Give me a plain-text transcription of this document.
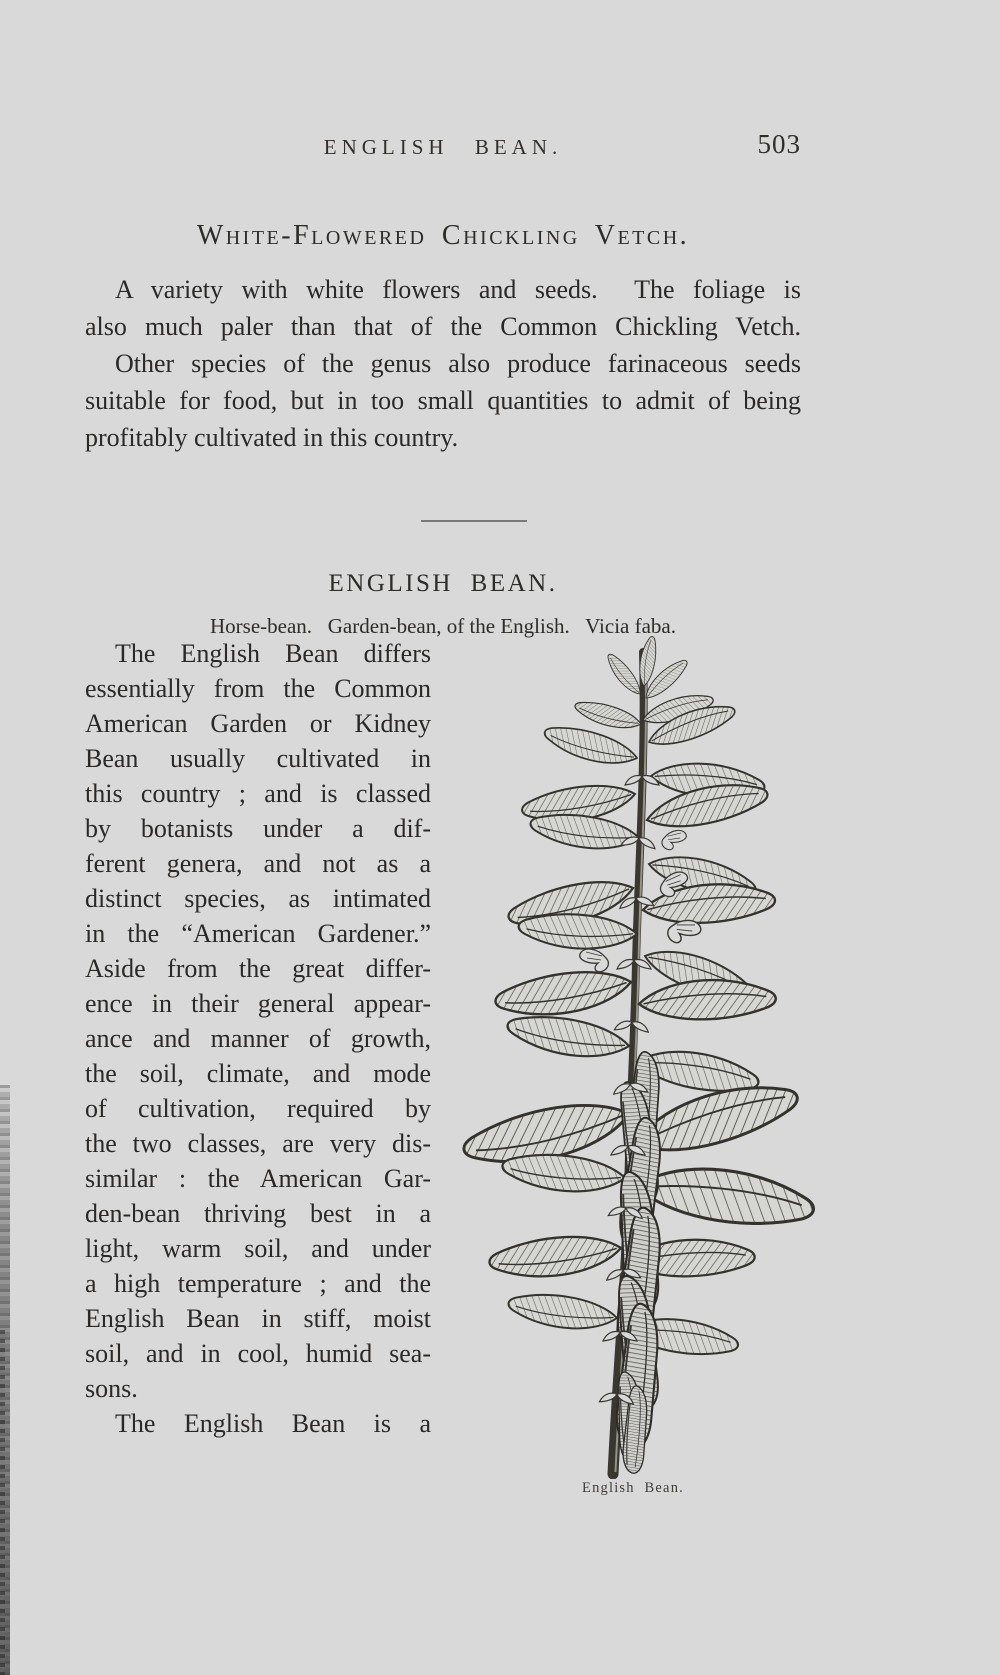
ENGLISH BEAN.	503
White-Flowered Chickling Vetch.
A variety with white flowers and seeds.  The foliage is
also much paler than that of the Common Chickling Vetch.
Other species of the genus also produce farinaceous seeds
suitable for food, but in too small quantities to admit of being
profitably cultivated in this country.
ENGLISH BEAN.
Horse-bean.   Garden-bean, of the English.   Vicia faba.
The English Bean differs
essentially from the Common
American Garden or Kidney
Bean usually cultivated in
this country ; and is classed
by botanists under a dif-
ferent genera, and not as a
distinct species, as intimated
in the “American Gardener.”
Aside from the great differ-
ence in their general appear-
ance and manner of growth,
the soil, climate, and mode
of cultivation, required by
the two classes, are very dis-
similar : the American Gar-
den-bean thriving best in a
light, warm soil, and under
a high temperature ; and the
English Bean in stiff, moist
soil, and in cool, humid sea-
sons.
The English Bean is a
English Bean.
